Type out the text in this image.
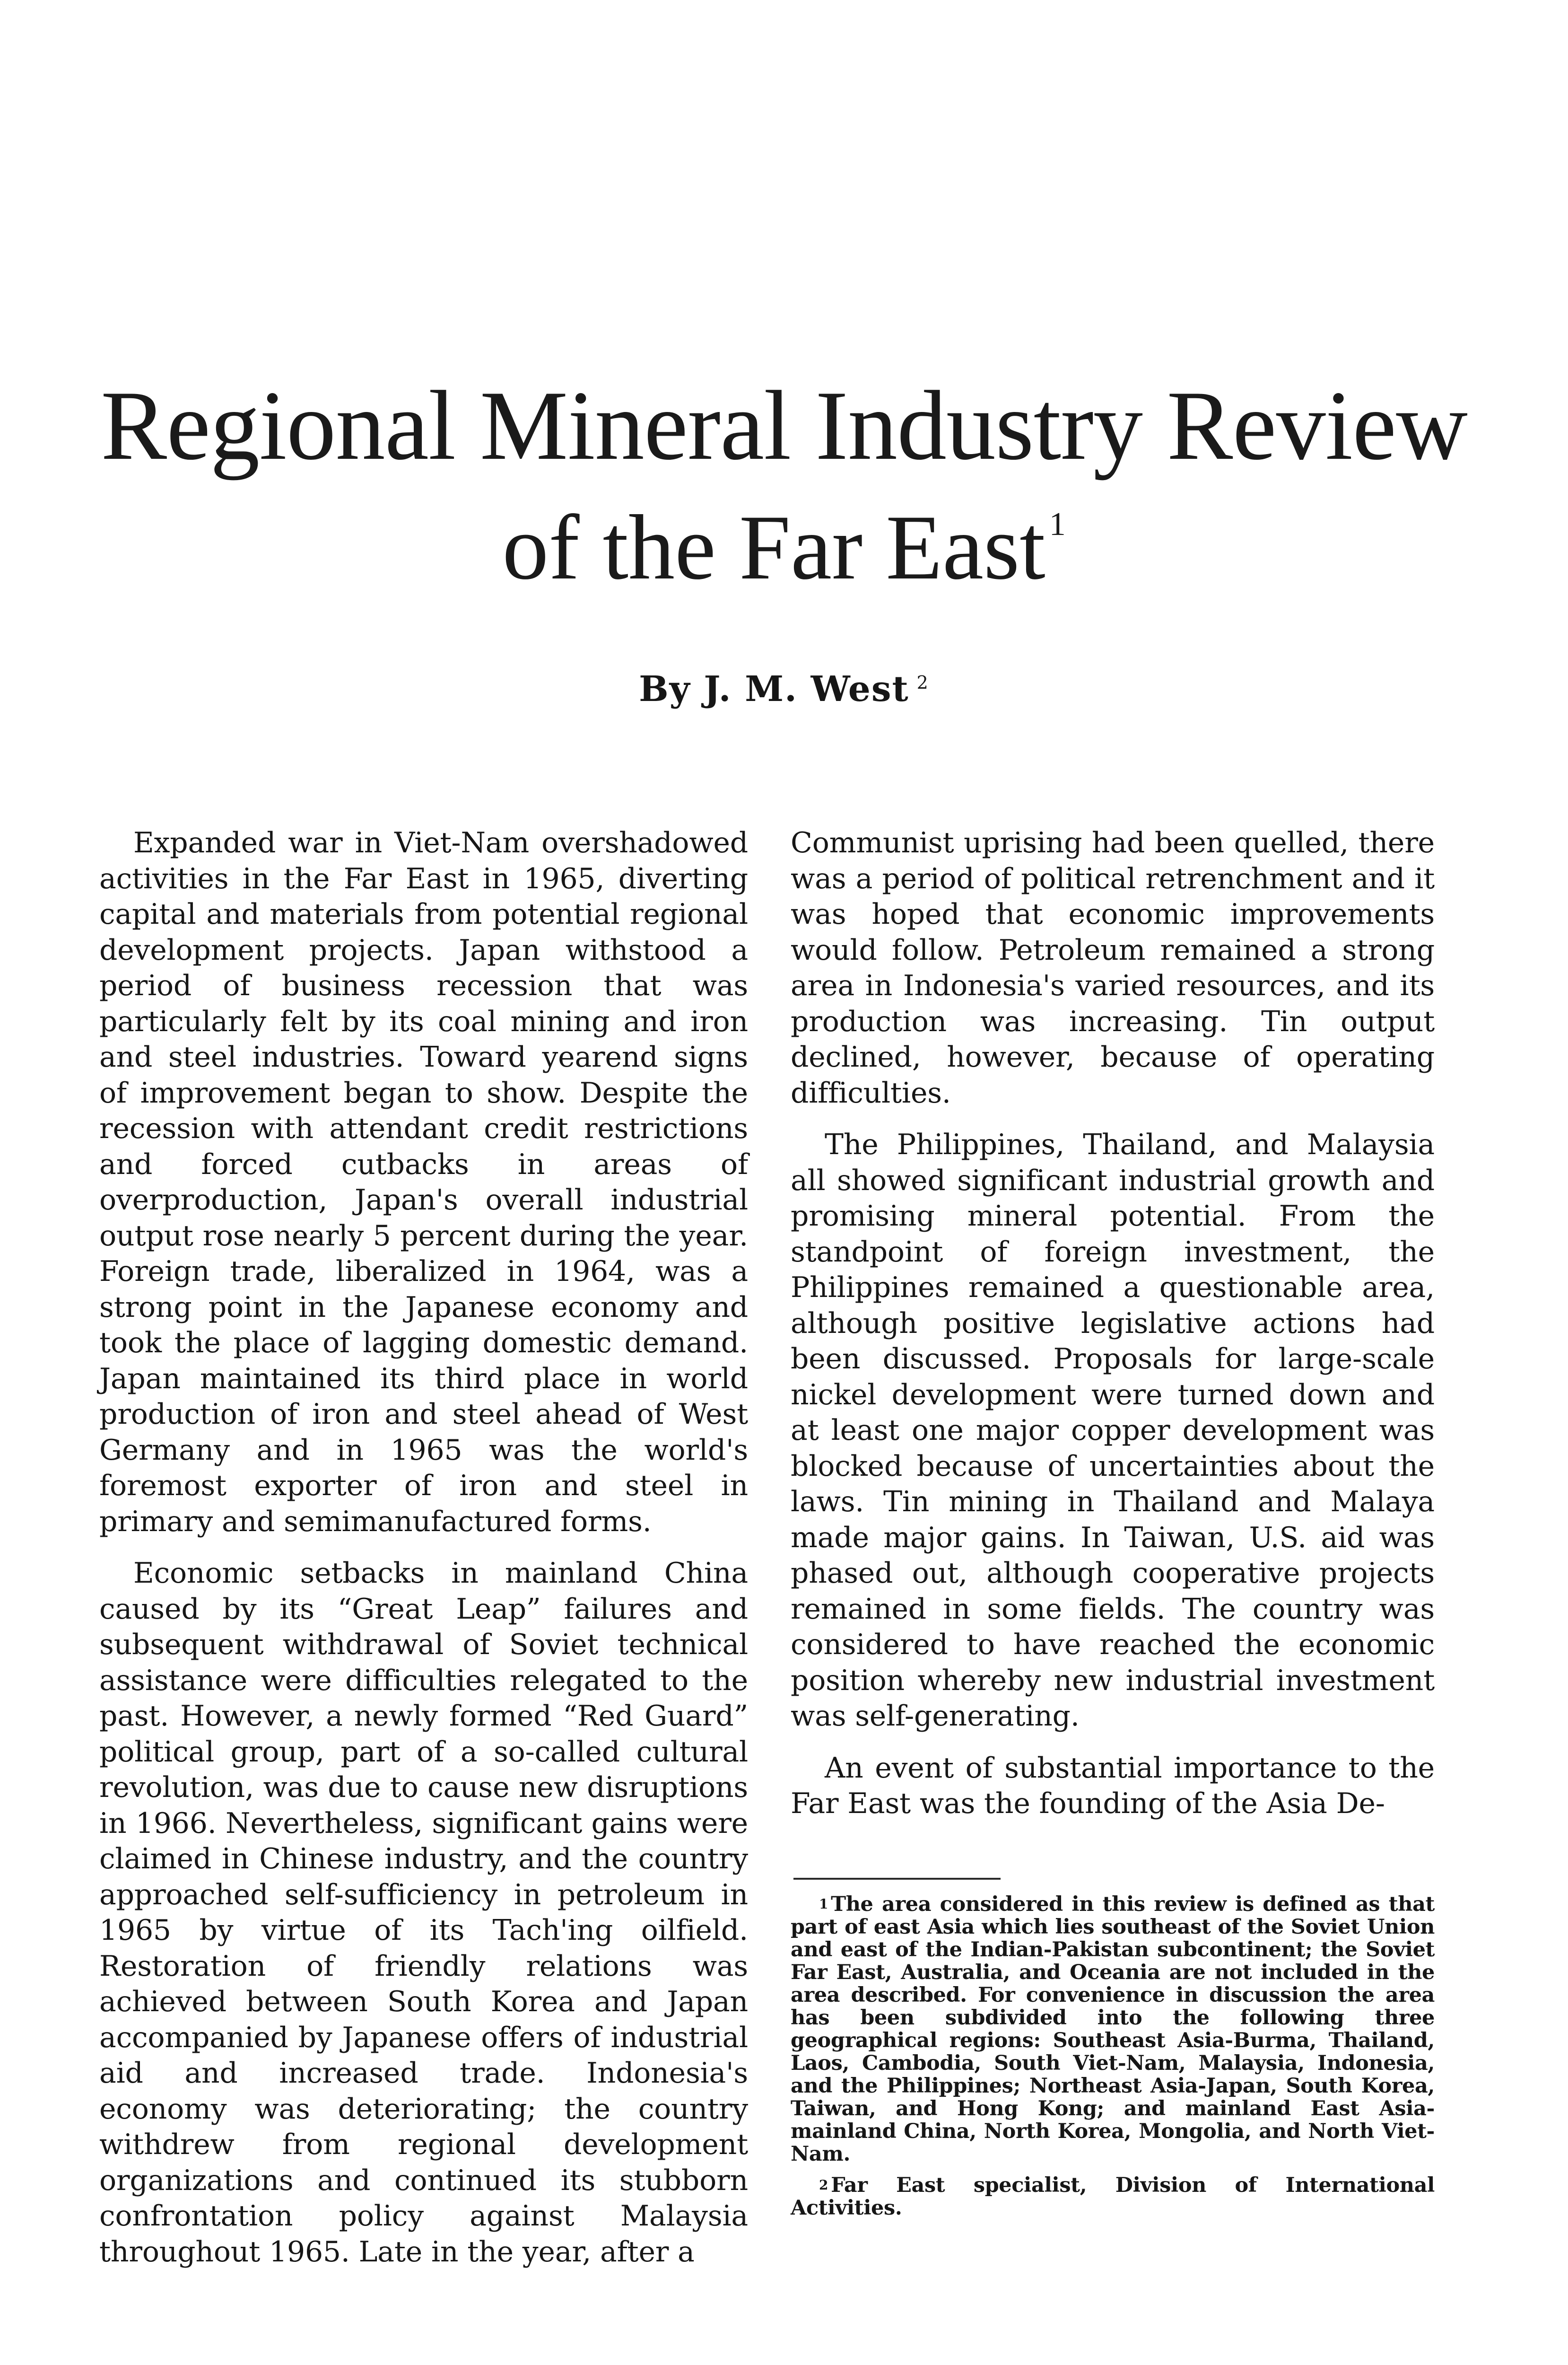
Regional Mineral Industry Review
of the Far East $^1$
By J. M. West $^2$

Expanded war in Viet-Nam overshadowed activities in the Far East in 1965, diverting capital and materials from potential regional development projects. Japan withstood a period of business recession that was particularly felt by its coal mining and iron and steel industries. Toward yearend signs of improvement began to show. Despite the recession with attendant credit restrictions and forced cutbacks in areas of overproduction, Japan's overall industrial output rose nearly 5 percent during the year. Foreign trade, liberalized in 1964, was a strong point in the Japanese economy and took the place of lagging domestic demand. Japan maintained its third place in world production of iron and steel ahead of West Germany and in 1965 was the world's foremost exporter of iron and steel in primary and semimanufactured forms.

Economic setbacks in mainland China caused by its “Great Leap” failures and subsequent withdrawal of Soviet technical assistance were difficulties relegated to the past. However, a newly formed “Red Guard” political group, part of a so-called cultural revolution, was due to cause new disruptions in 1966. Nevertheless, significant gains were claimed in Chinese industry, and the country approached self-sufficiency in petroleum in 1965 by virtue of its Tach'ing oilfield. Restoration of friendly relations was achieved between South Korea and Japan accompanied by Japanese offers of industrial aid and increased trade. Indonesia's economy was deteriorating; the country withdrew from regional development organizations and continued its stubborn confrontation policy against Malaysia throughout 1965. Late in the year, after a

Communist uprising had been quelled, there was a period of political retrenchment and it was hoped that economic improvements would follow. Petroleum remained a strong area in Indonesia's varied resources, and its production was increasing. Tin output declined, however, because of operating difficulties.

The Philippines, Thailand, and Malaysia all showed significant industrial growth and promising mineral potential. From the standpoint of foreign investment, the Philippines remained a questionable area, although positive legislative actions had been discussed. Proposals for large-scale nickel development were turned down and at least one major copper development was blocked because of uncertainties about the laws. Tin mining in Thailand and Malaya made major gains. In Taiwan, U.S. aid was phased out, although cooperative projects remained in some fields. The country was considered to have reached the economic position whereby new industrial investment was self-generating.

An event of substantial importance to the Far East was the founding of the Asia De-

$^1$ The area considered in this review is defined as that part of east Asia which lies southeast of the Soviet Union and east of the Indian-Pakistan subcontinent; the Soviet Far East, Australia, and Oceania are not included in the area described. For convenience in discussion the area has been subdivided into the following three geographical regions: Southeast Asia-Burma, Thailand, Laos, Cambodia, South Viet-Nam, Malaysia, Indonesia, and the Philippines; Northeast Asia-Japan, South Korea, Taiwan, and Hong Kong; and mainland East Asia-mainland China, North Korea, Mongolia, and North Viet-Nam.

$^2$ Far East specialist, Division of International Activities.
